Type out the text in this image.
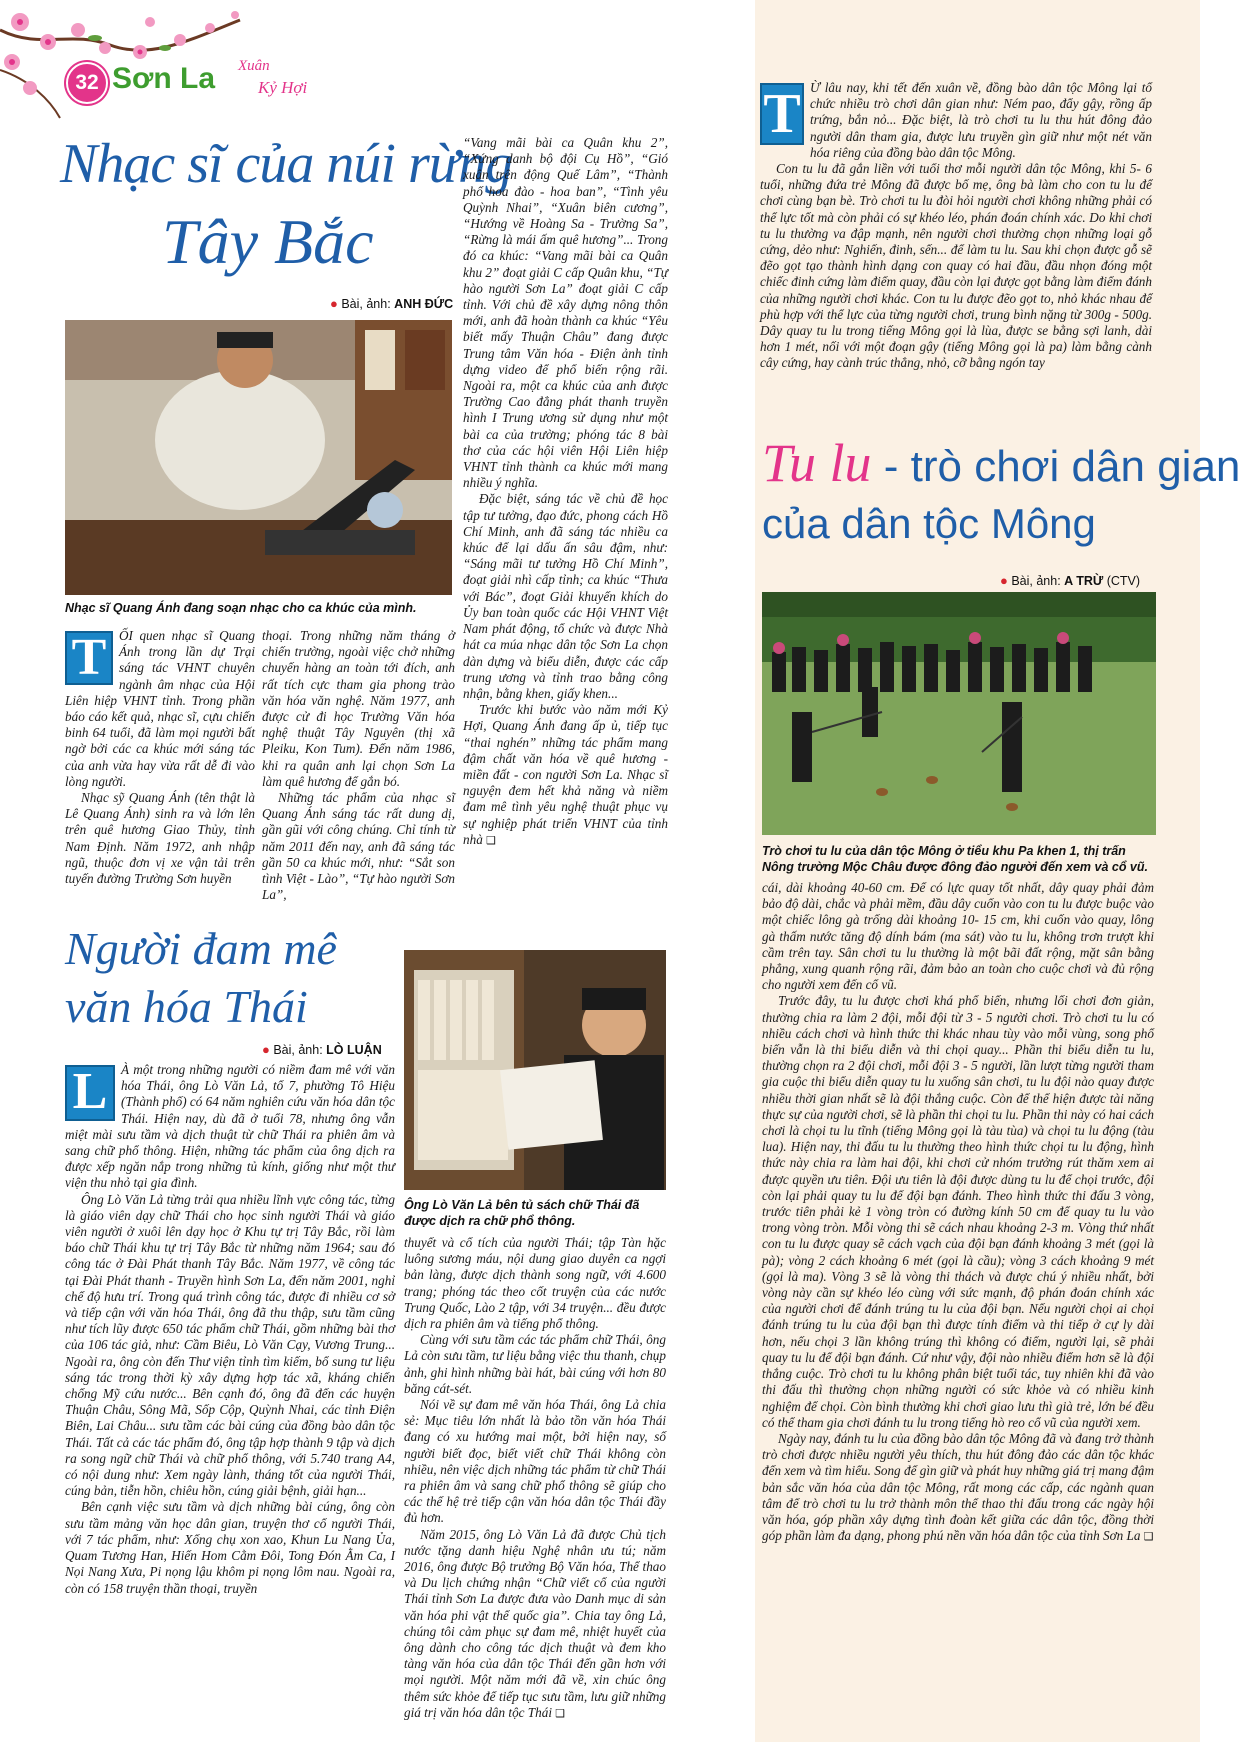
32 Sơn La Xuân
Kỷ Hợi
Nhạc sĩ của núi rừng
Tây Bắc
● Bài, ảnh: ANH ĐỨC
Nhạc sĩ Quang Ánh đang soạn nhạc cho ca khúc của mình.

“Vang mãi bài ca Quân khu 2”, “Xứng danh bộ đội Cụ Hồ”, “Gió xuân trên động Quế Lâm”, “Thành phố hoa đào - hoa ban”, “Tình yêu Quỳnh Nhai”, “Xuân biên cương”, “Hướng về Hoàng Sa - Trường Sa”, “Rừng là mái ấm quê hương”... Trong đó ca khúc: “Vang mãi bài ca Quân khu 2” đoạt giải C cấp Quân khu, “Tự hào người Sơn La” đoạt giải C cấp tỉnh. Với chủ đề xây dựng nông thôn mới, anh đã hoàn thành ca khúc “Yêu biết mấy Thuận Châu” đang được Trung tâm Văn hóa - Điện ảnh tỉnh dựng video để phổ biến rộng rãi. Ngoài ra, một ca khúc của anh được Trường Cao đẳng phát thanh truyền hình I Trung ương sử dụng như một bài ca của trường; phóng tác 8 bài thơ của các hội viên Hội Liên hiệp VHNT tỉnh thành ca khúc mới mang nhiều ý nghĩa.

Đặc biệt, sáng tác về chủ đề học tập tư tưởng, đạo đức, phong cách Hồ Chí Minh, anh đã sáng tác nhiều ca khúc để lại dấu ấn sâu đậm, như: “Sáng mãi tư tưởng Hồ Chí Minh”, đoạt giải nhì cấp tỉnh; ca khúc “Thưa với Bác”, đoạt Giải khuyến khích do Ủy ban toàn quốc các Hội VHNT Việt Nam phát động, tổ chức và được Nhà hát ca múa nhạc dân tộc Sơn La chọn dàn dựng và biểu diễn, được các cấp trung ương và tỉnh trao bằng công nhận, bằng khen, giấy khen...

Trước khi bước vào năm mới Kỷ Hợi, Quang Ánh đang ấp ủ, tiếp tục “thai nghén” những tác phẩm mang đậm chất văn hóa về quê hương - miền đất - con người Sơn La. Nhạc sĩ nguyện đem hết khả năng và niềm đam mê tình yêu nghệ thuật phục vụ sự nghiệp phát triển VHNT của tỉnh nhà ❑

T ỐI quen nhạc sĩ Quang Ánh trong lần dự Trại sáng tác VHNT chuyên ngành âm nhạc của Hội Liên hiệp VHNT tỉnh. Trong phần báo cáo kết quả, nhạc sĩ, cựu chiến binh 64 tuổi, đã làm mọi người bất ngờ bởi các ca khúc mới sáng tác của anh vừa hay vừa rất dễ đi vào lòng người.

Nhạc sỹ Quang Ánh (tên thật là Lê Quang Ánh) sinh ra và lớn lên trên quê hương Giao Thủy, tỉnh Nam Định. Năm 1972, anh nhập ngũ, thuộc đơn vị xe vận tải trên tuyến đường Trường Sơn huyền

thoại. Trong những năm tháng ở chiến trường, ngoài việc chở những chuyến hàng an toàn tới đích, anh rất tích cực tham gia phong trào văn hóa văn nghệ. Năm 1977, anh được cử đi học Trường Văn hóa nghệ thuật Tây Nguyên (thị xã Pleiku, Kon Tum). Đến năm 1986, khi ra quân anh lại chọn Sơn La làm quê hương để gắn bó.

Những tác phẩm của nhạc sĩ Quang Ánh sáng tác rất dung dị, gần gũi với công chúng. Chỉ tính từ năm 2011 đến nay, anh đã sáng tác gần 50 ca khúc mới, như: “Sắt son tình Việt - Lào”, “Tự hào người Sơn La”,

Người đam mê
văn hóa Thái
● Bài, ảnh: LÒ LUẬN
Ông Lò Văn Lả bên tủ sách chữ Thái đã được dịch ra chữ phổ thông.

L	À một trong những người có niềm đam mê với văn hóa Thái, ông Lò Văn Lả, tổ 7, phường Tô Hiệu (Thành phố) có 64 năm nghiên cứu văn hóa dân tộc Thái. Hiện nay, dù đã ở tuổi 78, nhưng ông vẫn miệt mài sưu tầm và dịch thuật từ chữ Thái ra phiên âm và sang chữ phổ thông. Hiện, những tác phẩm của ông dịch ra được xếp ngăn nắp trong những tủ kính, giống như một thư viện thu nhỏ tại gia đình.

Ông Lò Văn Lả từng trải qua nhiều lĩnh vực công tác, từng là giáo viên dạy chữ Thái cho học sinh người Thái và giáo viên người ở xuôi lên dạy học ở Khu tự trị Tây Bắc, rồi làm báo chữ Thái khu tự trị Tây Bắc từ những năm 1964; sau đó công tác ở Đài Phát thanh Tây Bắc. Năm 1977, về công tác tại Đài Phát thanh - Truyền hình Sơn La, đến năm 2001, nghỉ chế độ hưu trí. Trong quá trình công tác, được đi nhiều cơ sở và tiếp cận với văn hóa Thái, ông đã thu thập, sưu tầm cũng như tích lũy được 650 tác phẩm chữ Thái, gồm những bài thơ của 106 tác giả, như: Cầm Biêu, Lò Văn Cạy, Vương Trung... Ngoài ra, ông còn đến Thư viện tỉnh tìm kiếm, bổ sung tư liệu sáng tác trong thời kỳ xây dựng hợp tác xã, kháng chiến chống Mỹ cứu nước... Bên cạnh đó, ông đã đến các huyện Thuận Châu, Sông Mã, Sốp Cộp, Quỳnh Nhai, các tỉnh Điện Biên, Lai Châu... sưu tầm các bài cúng của đồng bào dân tộc Thái. Tất cả các tác phẩm đó, ông tập hợp thành 9 tập và dịch ra song ngữ chữ Thái và chữ phổ thông, với 5.740 trang A4, có nội dung như: Xem ngày lành, tháng tốt của người Thái, cúng bản, tiễn hồn, chiêu hồn, cúng giải bệnh, giải hạn...

Bên cạnh việc sưu tầm và dịch những bài cúng, ông còn sưu tầm mảng văn học dân gian, truyện thơ cổ người Thái, với 7 tác phẩm, như: Xống chụ xon xao, Khun Lu Nang Ủa, Quam Tương Han, Hiến Hom Cằm Đôi, Tong Đón Ằm Ca, I Nọi Nang Xưa, Pi nọng lậu khôm pi nọng lôm nau. Ngoài ra, còn có 158 truyện thần thoại, truyền

thuyết và cổ tích của người Thái; tập Tàn hặc luông sương máu, nội dung giao duyên ca ngợi bản làng, được dịch thành song ngữ, với 4.600 trang; phóng tác theo cốt truyện của các nước Trung Quốc, Lào 2 tập, với 34 truyện... đều được dịch ra phiên âm và tiếng phổ thông.

Cùng với sưu tầm các tác phẩm chữ Thái, ông Lả còn sưu tầm, tư liệu bằng việc thu thanh, chụp ảnh, ghi hình những bài hát, bài cúng với hơn 80 băng cát-sét.

Nói về sự đam mê văn hóa Thái, ông Lả chia sẻ: Mục tiêu lớn nhất là bảo tồn văn hóa Thái đang có xu hướng mai một, bởi hiện nay, số người biết đọc, biết viết chữ Thái không còn nhiều, nên việc dịch những tác phẩm từ chữ Thái ra phiên âm và sang chữ phổ thông sẽ giúp cho các thế hệ trẻ tiếp cận văn hóa dân tộc Thái đầy đủ hơn.

Năm 2015, ông Lò Văn Lả đã được Chủ tịch nước tặng danh hiệu Nghệ nhân ưu tú; năm 2016, ông được Bộ trưởng Bộ Văn hóa, Thể thao và Du lịch chứng nhận “Chữ viết cổ của người Thái tỉnh Sơn La được đưa vào Danh mục di sản văn hóa phi vật thể quốc gia”. Chia tay ông Lả, chúng tôi cảm phục sự đam mê, nhiệt huyết của ông dành cho công tác dịch thuật và đem kho tàng văn hóa của dân tộc Thái đến gần hơn với mọi người. Một năm mới đã về, xin chúc ông thêm sức khỏe để tiếp tục sưu tầm, lưu giữ những giá trị văn hóa dân tộc Thái ❑

T Ừ lâu nay, khi tết đến xuân về, đồng bào dân tộc Mông lại tổ chức nhiều trò chơi dân gian như: Ném pao, đẩy gậy, rồng ấp trứng, bắn nỏ... Đặc biệt, là trò chơi tu lu thu hút đông đảo người dân tham gia, được lưu truyền gìn giữ như một nét văn hóa riêng của đồng bào dân tộc Mông.

Con tu lu đã gắn liền với tuổi thơ mỗi người dân tộc Mông, khi 5- 6 tuổi, những đứa trẻ Mông đã được bố mẹ, ông bà làm cho con tu lu để chơi cùng bạn bè. Trò chơi tu lu đòi hỏi người chơi không những phải có thể lực tốt mà còn phải có sự khéo léo, phán đoán chính xác. Do khi chơi tu lu thường va đập mạnh, nên người chơi thường chọn những loại gỗ cứng, dẻo như: Nghiến, đinh, sến... để làm tu lu. Sau khi chọn được gỗ sẽ đẽo gọt tạo thành hình dạng con quay có hai đầu, đầu nhọn đóng một chiếc đinh cứng làm điểm quay, đầu còn lại được gọt bằng làm điểm đánh của những người chơi khác. Con tu lu được đẽo gọt to, nhỏ khác nhau để phù hợp với thể lực của từng người chơi, trung bình nặng từ 300g - 500g. Dây quay tu lu trong tiếng Mông gọi là lùa, được se bằng sợi lanh, dài hơn 1 mét, nối với một đoạn gậy (tiếng Mông gọi là pa) làm bằng cành cây cứng, hay cành trúc thẳng, nhỏ, cỡ bằng ngón tay

Tu lu - trò chơi dân gian
của dân tộc Mông
● Bài, ảnh: A TRỪ (CTV)
Trò chơi tu lu của dân tộc Mông ở tiểu khu Pa khen 1, thị trấn Nông trường Mộc Châu được đông đảo người đến xem và cổ vũ.

cái, dài khoảng 40-60 cm. Để có lực quay tốt nhất, dây quay phải đảm bảo độ dài, chắc và phải mềm, đầu dây cuốn vào con tu lu được buộc vào một chiếc lông gà trống dài khoảng 10- 15 cm, khi cuốn vào quay, lông gà thấm nước tăng độ dính bám (ma sát) vào tu lu, không trơn trượt khi cầm trên tay. Sân chơi tu lu thường là một bãi đất rộng, mặt sân bằng phẳng, xung quanh rộng rãi, đảm bảo an toàn cho cuộc chơi và đủ rộng cho người xem đến cổ vũ.

Trước đây, tu lu được chơi khá phổ biến, nhưng lối chơi đơn giản, thường chia ra làm 2 đội, mỗi đội từ 3 - 5 người chơi. Trò chơi tu lu có nhiều cách chơi và hình thức thi khác nhau tùy vào mỗi vùng, song phổ biến vẫn là thi biểu diễn và thi chọi quay... Phần thi biểu diễn tu lu, thường chọn ra 2 đội chơi, mỗi đội 3 - 5 người, lần lượt từng người tham gia cuộc thi biểu diễn quay tu lu xuống sân chơi, tu lu đội nào quay được nhiều thời gian nhất sẽ là đội thắng cuộc. Còn để thể hiện được tài năng thực sự của người chơi, sẽ là phần thi chọi tu lu. Phần thi này có hai cách chơi là chọi tu lu tĩnh (tiếng Mông gọi là tàu tùa) và chọi tu lu động (tàu lua). Hiện nay, thi đấu tu lu thường theo hình thức chọi tu lu động, hình thức này chia ra làm hai đội, khi chơi cử nhóm trưởng rút thăm xem ai được quyền ưu tiên. Đội ưu tiên là đội được dùng tu lu để chọi trước, đội còn lại phải quay tu lu để đội bạn đánh. Theo hình thức thi đấu 3 vòng, trước tiên phải kẻ 1 vòng tròn có đường kính 50 cm để quay tu lu vào trong vòng tròn. Mỗi vòng thi sẽ cách nhau khoảng 2-3 m. Vòng thứ nhất con tu lu được quay sẽ cách vạch của đội bạn đánh khoảng 3 mét (gọi là pà); vòng 2 cách khoảng 6 mét (gọi là cầu); vòng 3 cách khoảng 9 mét (gọi là ma). Vòng 3 sẽ là vòng thi thách và được chú ý nhiều nhất, bởi vòng này cần sự khéo léo cùng với sức mạnh, độ phán đoán chính xác của người chơi để đánh trúng tu lu của đội bạn. Nếu người chọi ai chọi đánh trúng tu lu của đội bạn thì được tính điểm và thi tiếp ở cự ly dài hơn, nếu chọi 3 lần không trúng thì không có điểm, người lại, sẽ phải quay tu lu để đội bạn đánh. Cứ như vậy, đội nào nhiều điểm hơn sẽ là đội thắng cuộc. Trò chơi tu lu không phân biệt tuổi tác, tuy nhiên khi đã vào thi đấu thì thường chọn những người có sức khỏe và có nhiều kinh nghiệm để chọi. Còn bình thường khi chơi giao lưu thì già trẻ, lớn bé đều có thể tham gia chơi đánh tu lu trong tiếng hò reo cổ vũ của người xem.

Ngày nay, đánh tu lu của đồng bào dân tộc Mông đã và đang trở thành trò chơi được nhiều người yêu thích, thu hút đông đảo các dân tộc khác đến xem và tìm hiểu. Song để gìn giữ và phát huy những giá trị mang đậm bản sắc văn hóa của dân tộc Mông, rất mong các cấp, các ngành quan tâm để trò chơi tu lu trở thành môn thể thao thi đấu trong các ngày hội văn hóa, góp phần xây dựng tình đoàn kết giữa các dân tộc, đồng thời góp phần làm đa dạng, phong phú nền văn hóa dân tộc của tỉnh Sơn La ❑
